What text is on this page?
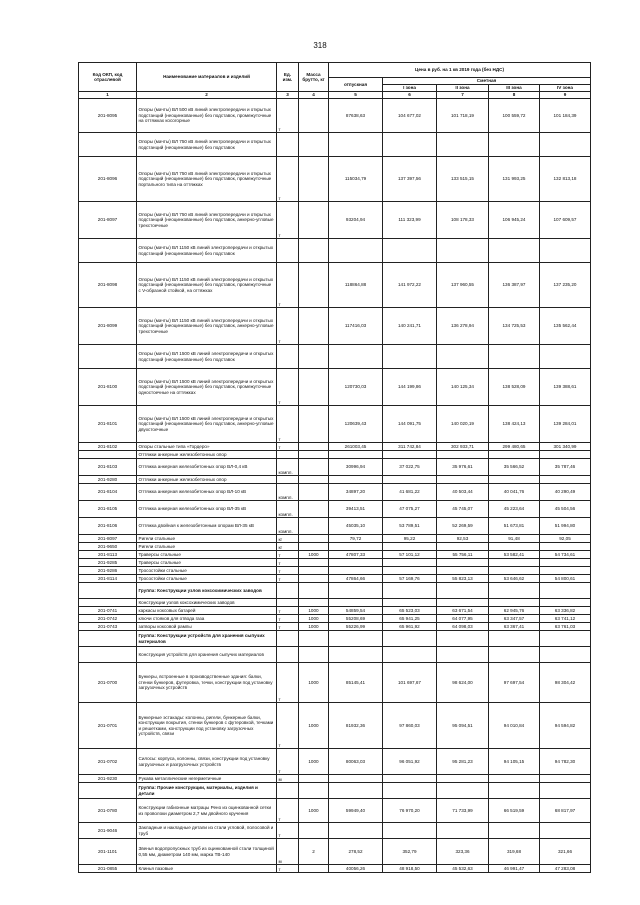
318
Код ОКП, код отраслевой	Наименование материалов и изделий	Ед. изм.	Масса брутто, кг	Цена в руб. на 1 кв 2019 года (без НДС)				
				отпускная	Сметная			
					I зона	II зона	III зона	IV зона
1	2	3	4	5	6	7	8	9
201-8095	Опоры (мачты) ВЛ 500 кВ линий электропередачи и открытых подстанций (неоцинкованные) без подставок, промежуточные на оттяжках косогорные	т		87638,63	104 677,02	101 718,19	100 559,72	101 184,39
	Опоры (мачты) ВЛ 750 кВ линий электропередачи и открытых подстанций (неоцинкованные) без подставок							
201-8096	Опоры (мачты) ВЛ 750 кВ линий электропередачи и открытых подстанций (неоцинкованные) без подставок, промежуточные портального типа на оттяжках	т		115034,79	137 397,56	133 515,15	131 993,25	132 813,18
201-8097	Опоры (мачты) ВЛ 750 кВ линий электропередачи и открытых подстанций (неоцинкованные) без подставок, анкерно-угловые трехстоечные	т		93204,94	111 323,99	108 178,33	106 945,24	107 609,57
	Опоры (мачты) ВЛ 1150 кВ линий электропередачи и открытых подстанций (неоцинкованные) без подставок							
201-8098	Опоры (мачты) ВЛ 1150 кВ линий электропередачи и открытых подстанций (неоцинкованные) без подставок, промежуточные с V-образной стойкой, на оттяжках	т		118864,88	141 972,22	137 960,55	136 387,97	137 235,20
201-8099	Опоры (мачты) ВЛ 1150 кВ линий электропередачи и открытых подстанций (неоцинкованные) без подставок, анкерно-угловые трехстоечные	т		117416,03	140 241,71	136 278,94	134 725,53	135 562,44
	Опоры (мачты) ВЛ 1500 кВ линий электропередачи и открытых подстанций (неоцинкованные) без подставок							
201-8100	Опоры (мачты) ВЛ 1500 кВ линий электропередачи и открытых подстанций (неоцинкованные) без подставок, промежуточные одностоечные на оттяжках	т		120730,03	144 199,86	140 125,34	138 528,09	139 388,61
201-8101	Опоры (мачты) ВЛ 1500 кВ линий электропередачи и открытых подстанций (неоцинкованные) без подставок, анкерно-угловые двухстоечные	т		120639,43	144 091,75	140 020,19	138 424,13	139 284,01
201-8102	Опоры стальные типа «Гордеро»	т		261003,45	311 742,84	302 933,71	299 480,65	301 340,99
	Оттяжки анкерные железобетонных опор							
201-8103	Оттяжка анкерная железобетонных опор ВЛ-0,4 кВ	компл.		30996,94	37 022,75	35 976,61	35 566,52	35 787,46
201-9280	Оттяжки анкерные железобетонных опор							
201-8104	Оттяжка анкерная железобетонных опор ВЛ-10 кВ	компл.		34897,20	41 681,22	40 503,44	40 041,76	40 290,49
201-8105	Оттяжка анкерная железобетонных опор ВЛ-35 кВ	компл.		39413,51	47 075,27	45 745,07	45 223,64	45 504,56
201-8106	Оттяжка двойная к железобетонным опорам ВЛ-35 кВ	компл.		45035,10	53 789,51	52 269,59	51 673,81	51 994,80
201-8097	Ригели стальные	кг		79,72	95,22	92,53	91,48	92,05
201-9650	Ригели стальные	кг						
201-8113	Траверсы стальные	т	1000	47807,33	57 101,12	55 756,11	53 582,41	54 734,61
201-9285	Траверсы стальные	т						
201-9286	Тросостойки стальные	т						
201-8114	Тросостойки стальные	т		47864,66	57 169,76	55 823,13	53 646,62	54 800,61
	Группа: Конструкции узлов коксохимических заводов							
	Конструкции узлов коксохимических заводов							
201-0741	каркасы коксовых батарей	т	1000	54859,54	65 523,03	63 671,54	62 945,76	63 336,82
201-0742	ключи стояков для отвода газа	т	1000	55208,69	65 941,25	64 077,95	63 347,57	63 741,12
201-0743	затворы коксовой рампы	т	1000	55226,99	65 961,92	64 098,03	63 367,41	63 761,03
	Группа: Конструкции устройств для хранения сыпучих материалов							
	Конструкция устройств для хранения сыпучих материалов							
201-0700	Бункеры, встроенные в производственные здания: балки, стенки бункеров, футеровка, течки, конструкции под установку загрузочных устройств	т	1000	85145,41	101 697,67	98 624,00	97 697,54	98 304,42
201-0701	Бункерные эстакады: колонны, ригели, бункерные балки, конструкции покрытия, стенки бункеров с футеровкой, течками и решетками, конструкции под установку загрузочных устройств, связи	т	1000	81932,36	97 860,03	95 094,51	94 010,84	94 594,82
201-0702	Силосы: корпуса, колонны, связи, конструкции под установку загрузочных и разгрузочных устройств	т	1000	80063,03	96 051,92	95 281,23	94 105,15	94 782,30
201-9230	Рукава металлические негерметичные	м						
	Группа: Прочие конструкции, материалы, изделия и детали							
201-0780	Конструкции габионные матрацы Рено из оцинкованной сетки из проволоки диаметром 2,7 мм двойного кручения	т	1000	59949,40	76 970,20	71 733,99	66 519,59	68 817,97
201-9046	Закладные и накладные детали из стали угловой, полосовой и труб	т						
201-1101	Звенья водопропускных труб из оцинкованной стали толщиной 0,55 мм, диаметром 140 мм, марка ТВ-140	м	2	278,52	352,79	323,36	319,68	321,66
201-0855	Клинья пазовые	т		40056,26	48 918,50	45 532,63	46 991,47	47 283,08
